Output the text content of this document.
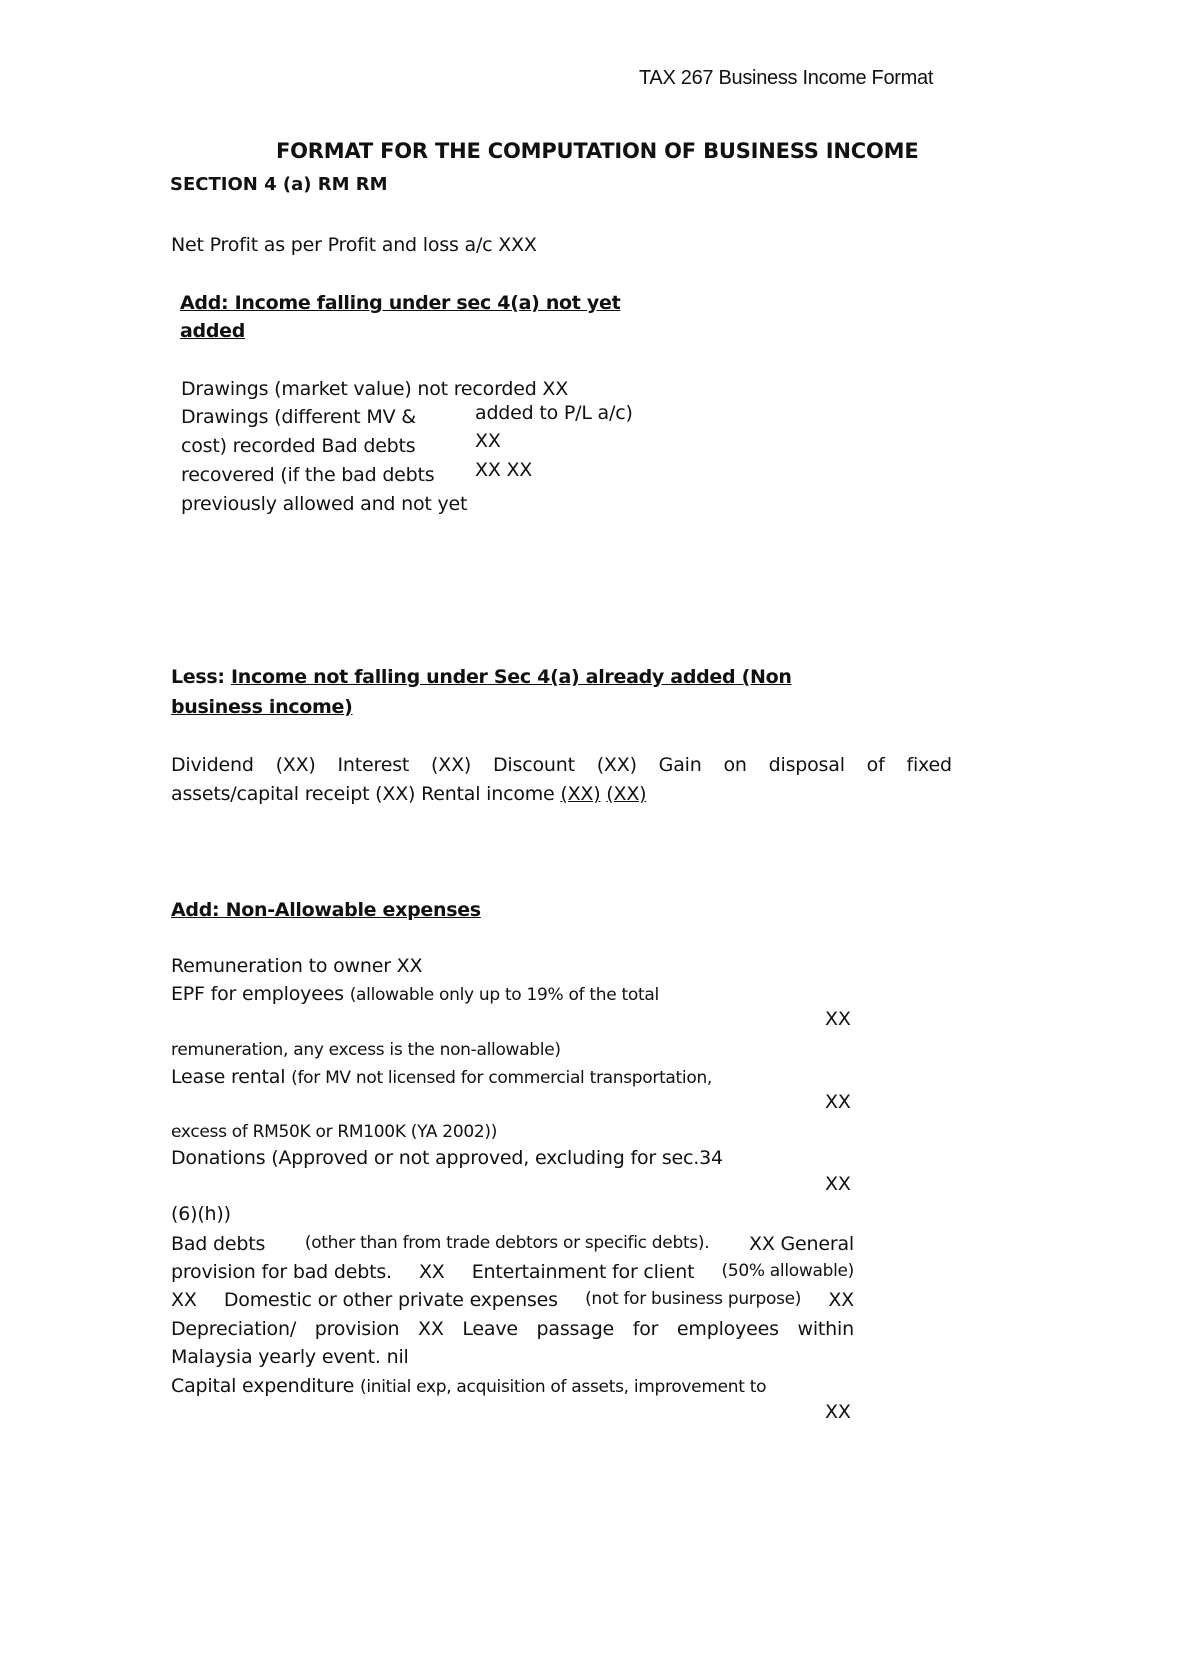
TAX 267 Business Income Format
FORMAT FOR THE COMPUTATION OF BUSINESS INCOME
SECTION 4 (a) RM RM
Net Profit as per Profit and loss a/c XXX
Add: Income falling under sec 4(a) not yet
added
Drawings (market value) not recorded XX
Drawings (different MV &
cost) recorded Bad debts
recovered (if the bad debts
previously allowed and not yet
added to P/L a/c)
XX
XX XX
Less: Income not falling under Sec 4(a) already added (Non
business income)
Dividend (XX) Interest (XX) Discount (XX) Gain on disposal of fixed
assets/capital receipt (XX) Rental income (XX) (XX)
Add: Non-Allowable expenses
Remuneration to owner XX
EPF for employees (allowable only up to 19% of the total
XX
remuneration, any excess is the non-allowable)
Lease rental (for MV not licensed for commercial transportation,
XX
excess of RM50K or RM100K (YA 2002))
Donations (Approved or not approved, excluding for sec.34
XX
(6)(h))
Bad debts (other than from trade debtors or specific debts). XX General
provision for bad debts. XX Entertainment for client (50% allowable)
XX Domestic or other private expenses (not for business purpose) XX
Depreciation/ provision XX Leave passage for employees within
Malaysia yearly event. nil
Capital expenditure (initial exp, acquisition of assets, improvement to
XX
